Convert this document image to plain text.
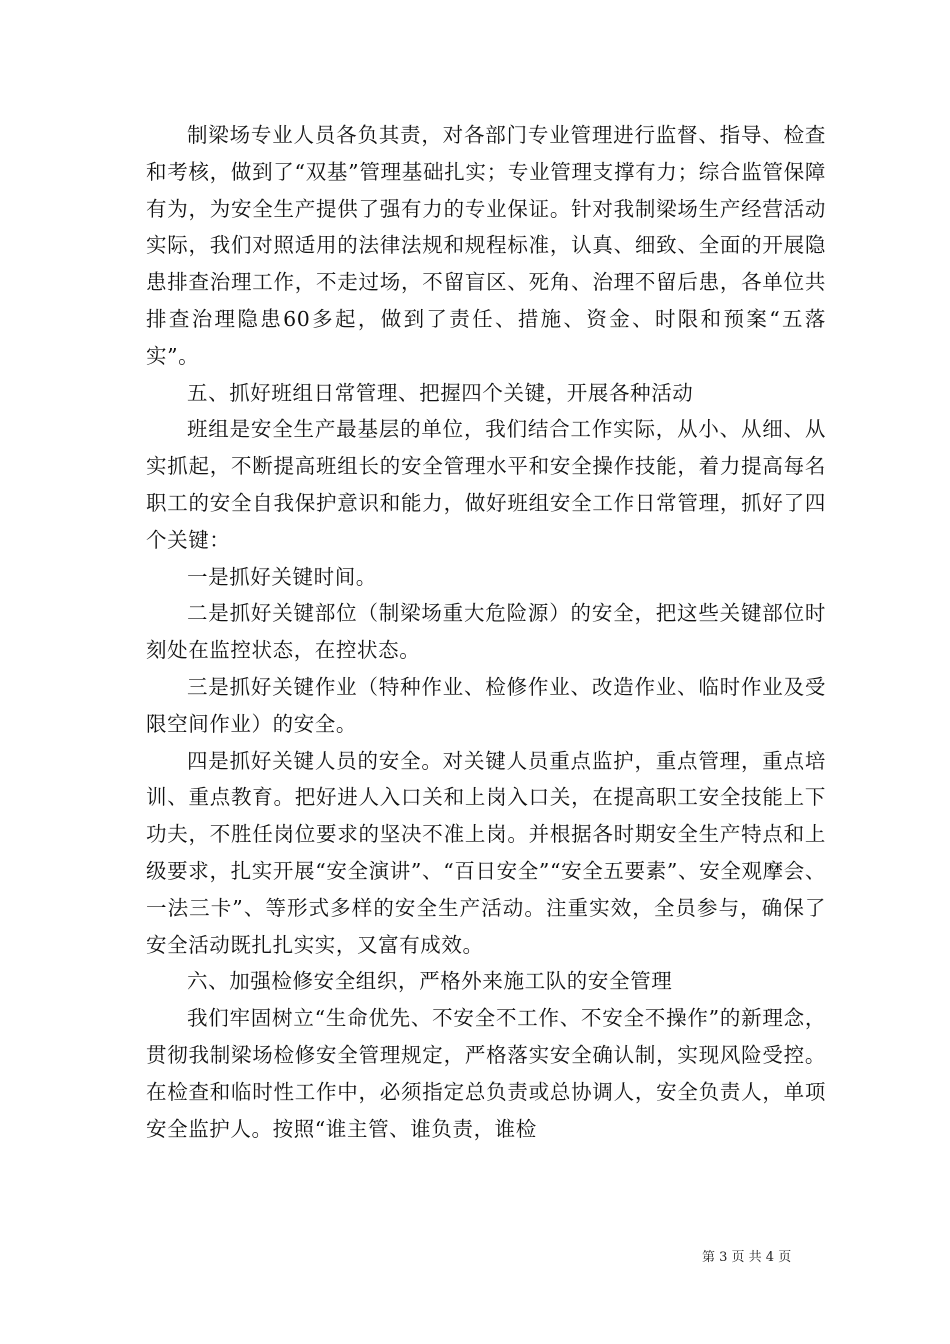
制梁场专业人员各负其责，对各部门专业管理进行监督、指导、检查和考核，做到了“双基”管理基础扎实；专业管理支撑有力；综合监管保障有为，为安全生产提供了强有力的专业保证。针对我制梁场生产经营活动实际，我们对照适用的法律法规和规程标准，认真、细致、全面的开展隐患排查治理工作，不走过场，不留盲区、死角、治理不留后患，各单位共排查治理隐患60多起，做到了责任、措施、资金、时限和预案“五落实”。

五、抓好班组日常管理、把握四个关键，开展各种活动

班组是安全生产最基层的单位，我们结合工作实际，从小、从细、从实抓起，不断提高班组长的安全管理水平和安全操作技能，着力提高每名职工的安全自我保护意识和能力，做好班组安全工作日常管理，抓好了四个关键：

一是抓好关键时间。

二是抓好关键部位（制梁场重大危险源）的安全，把这些关键部位时刻处在监控状态，在控状态。

三是抓好关键作业（特种作业、检修作业、改造作业、临时作业及受限空间作业）的安全。

四是抓好关键人员的安全。对关键人员重点监护，重点管理，重点培训、重点教育。把好进人入口关和上岗入口关，在提高职工安全技能上下功夫，不胜任岗位要求的坚决不准上岗。并根据各时期安全生产特点和上级要求，扎实开展“安全演讲”、“百日安全”“安全五要素”、安全观摩会、一法三卡”、等形式多样的安全生产活动。注重实效，全员参与，确保了安全活动既扎扎实实，又富有成效。

六、加强检修安全组织，严格外来施工队的安全管理

我们牢固树立“生命优先、不安全不工作、不安全不操作”的新理念，贯彻我制梁场检修安全管理规定，严格落实安全确认制，实现风险受控。在检查和临时性工作中，必须指定总负责或总协调人，安全负责人，单项安全监护人。按照“谁主管、谁负责，谁检

第 3 页 共 4 页
